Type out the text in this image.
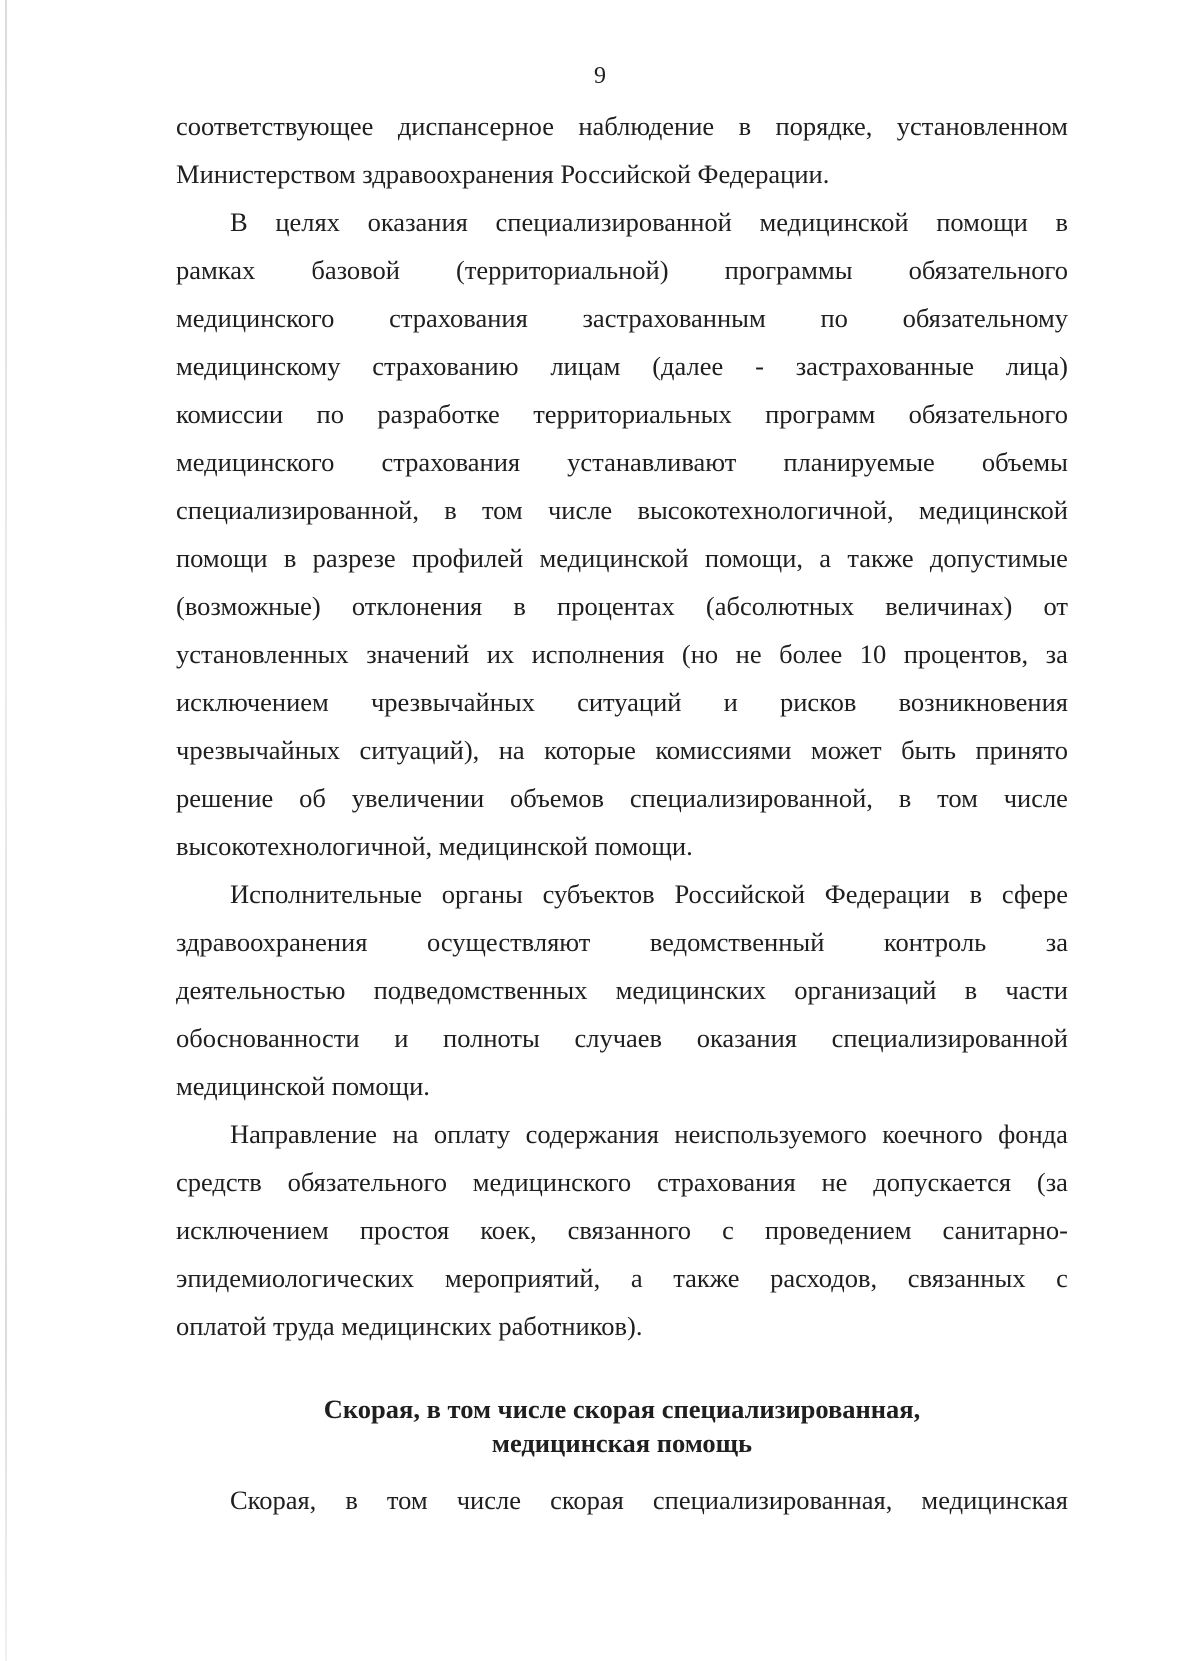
9
соответствующее диспансерное наблюдение в порядке, установленном
Министерством здравоохранения Российской Федерации.
В целях оказания специализированной медицинской помощи в
рамках базовой (территориальной) программы обязательного
медицинского страхования застрахованным по обязательному
медицинскому страхованию лицам (далее - застрахованные лица)
комиссии по разработке территориальных программ обязательного
медицинского страхования устанавливают планируемые объемы
специализированной, в том числе высокотехнологичной, медицинской
помощи в разрезе профилей медицинской помощи, а также допустимые
(возможные) отклонения в процентах (абсолютных величинах) от
установленных значений их исполнения (но не более 10 процентов, за
исключением чрезвычайных ситуаций и рисков возникновения
чрезвычайных ситуаций), на которые комиссиями может быть принято
решение об увеличении объемов специализированной, в том числе
высокотехнологичной, медицинской помощи.
Исполнительные органы субъектов Российской Федерации в сфере
здравоохранения осуществляют ведомственный контроль за
деятельностью подведомственных медицинских организаций в части
обоснованности и полноты случаев оказания специализированной
медицинской помощи.
Направление на оплату содержания неиспользуемого коечного фонда
средств обязательного медицинского страхования не допускается (за
исключением простоя коек, связанного с проведением санитарно-
эпидемиологических мероприятий, а также расходов, связанных с
оплатой труда медицинских работников).
Скорая, в том числе скорая специализированная,
медицинская помощь
Скорая, в том числе скорая специализированная, медицинская
